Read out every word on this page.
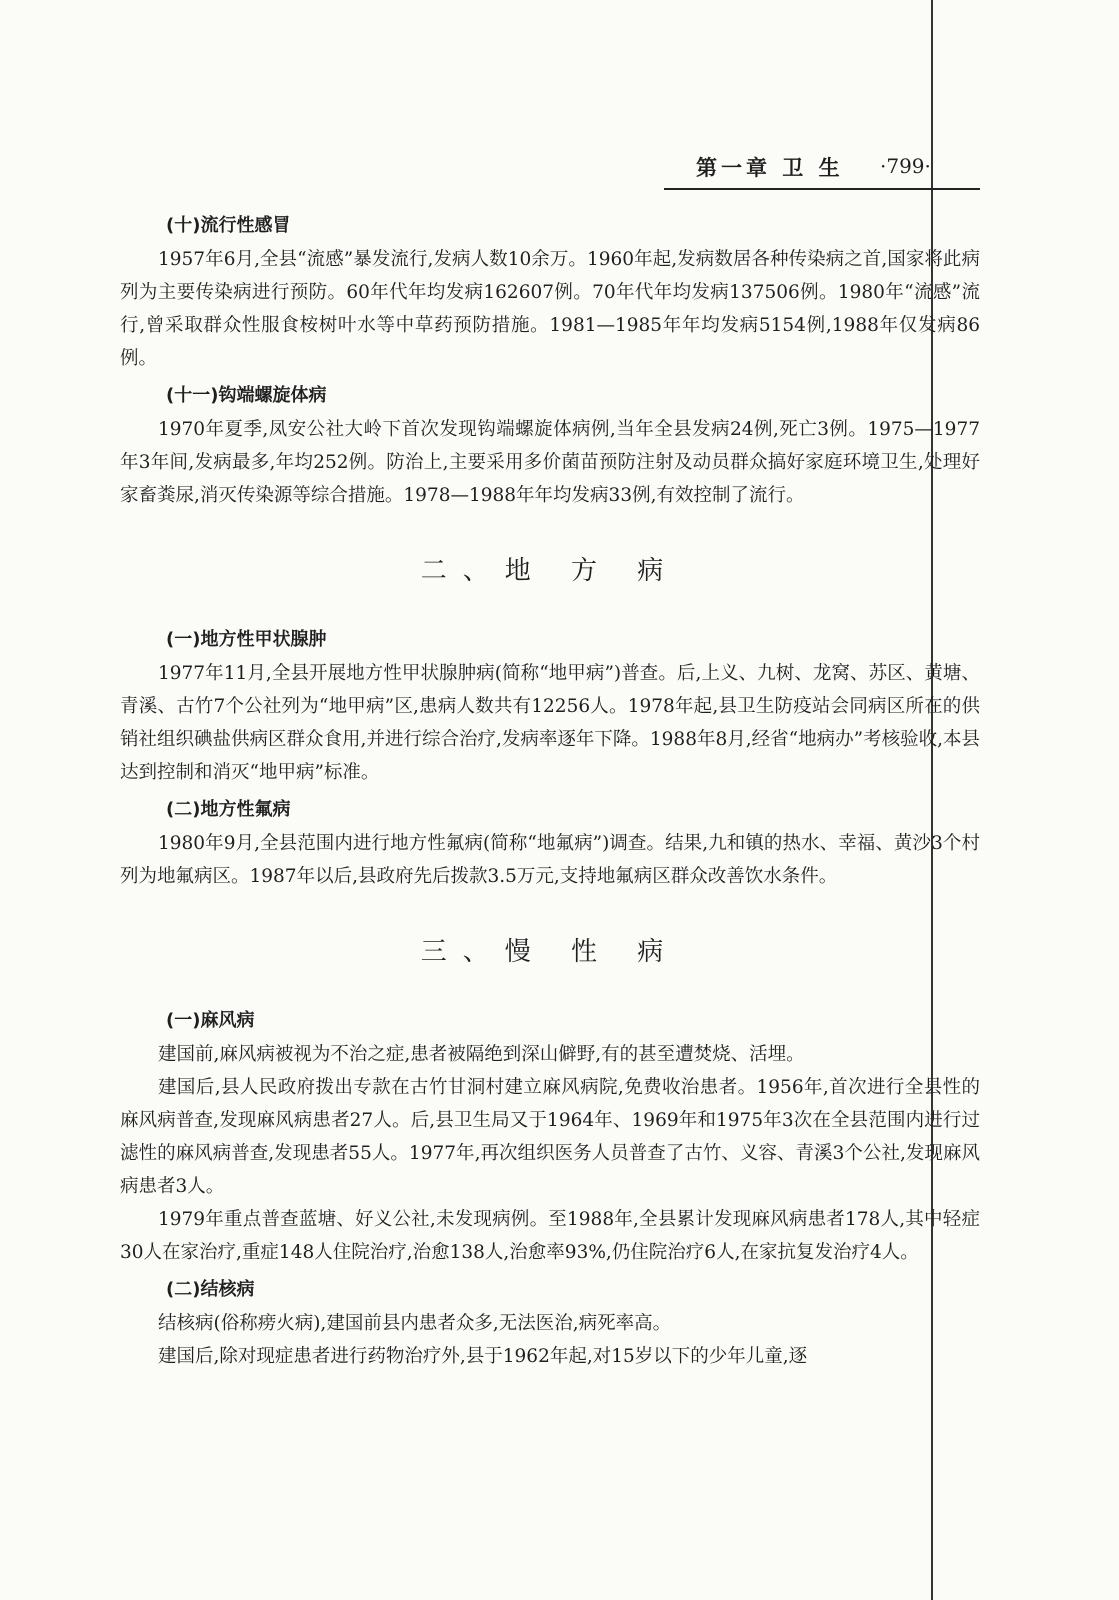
第一章 卫 生 ·799·
(十)流行性感冒

1957年6月,全县“流感”暴发流行,发病人数10余万。1960年起,发病数居各种传染病之首,国家将此病列为主要传染病进行预防。60年代年均发病162607例。70年代年均发病137506例。1980年“流感”流行,曾采取群众性服食桉树叶水等中草药预防措施。1981—1985年年均发病5154例,1988年仅发病86例。

(十一)钩端螺旋体病

1970年夏季,凤安公社大岭下首次发现钩端螺旋体病例,当年全县发病24例,死亡3例。1975—1977年3年间,发病最多,年均252例。防治上,主要采用多价菌苗预防注射及动员群众搞好家庭环境卫生,处理好家畜粪尿,消灭传染源等综合措施。1978—1988年年均发病33例,有效控制了流行。

二、地 方 病
(一)地方性甲状腺肿

1977年11月,全县开展地方性甲状腺肿病(简称“地甲病”)普查。后,上义、九树、龙窝、苏区、黄塘、青溪、古竹7个公社列为“地甲病”区,患病人数共有12256人。1978年起,县卫生防疫站会同病区所在的供销社组织碘盐供病区群众食用,并进行综合治疗,发病率逐年下降。1988年8月,经省“地病办”考核验收,本县达到控制和消灭“地甲病”标准。

(二)地方性氟病

1980年9月,全县范围内进行地方性氟病(简称“地氟病”)调查。结果,九和镇的热水、幸福、黄沙3个村列为地氟病区。1987年以后,县政府先后拨款3.5万元,支持地氟病区群众改善饮水条件。

三、慢 性 病
(一)麻风病

建国前,麻风病被视为不治之症,患者被隔绝到深山僻野,有的甚至遭焚烧、活埋。

建国后,县人民政府拨出专款在古竹甘洞村建立麻风病院,免费收治患者。1956年,首次进行全县性的麻风病普查,发现麻风病患者27人。后,县卫生局又于1964年、1969年和1975年3次在全县范围内进行过滤性的麻风病普查,发现患者55人。1977年,再次组织医务人员普查了古竹、义容、青溪3个公社,发现麻风病患者3人。

1979年重点普查蓝塘、好义公社,未发现病例。至1988年,全县累计发现麻风病患者178人,其中轻症30人在家治疗,重症148人住院治疗,治愈138人,治愈率93%,仍住院治疗6人,在家抗复发治疗4人。

(二)结核病

结核病(俗称痨火病),建国前县内患者众多,无法医治,病死率高。

建国后,除对现症患者进行药物治疗外,县于1962年起,对15岁以下的少年儿童,逐
